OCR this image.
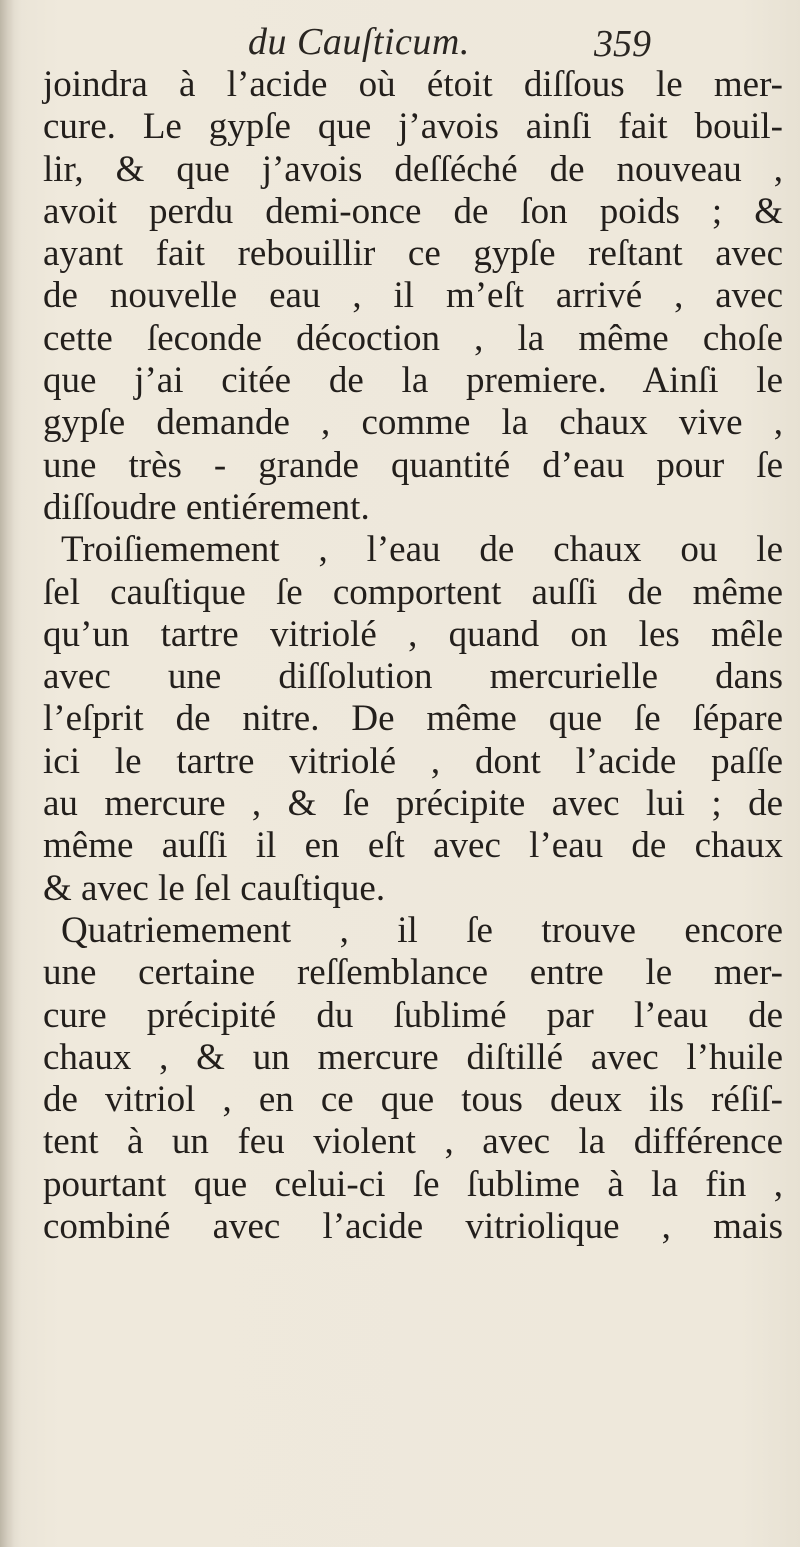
du Cauſticum.	359
joindra à l’acide où étoit diſſous le mer-
cure. Le gypſe que j’avois ainſi fait bouil-
lir, & que j’avois deſſéché de nouveau ,
avoit perdu demi-once de ſon poids ; &
ayant fait rebouillir ce gypſe reſtant avec
de nouvelle eau , il m’eſt arrivé , avec
cette ſeconde décoction , la même choſe
que j’ai citée de la premiere. Ainſi le
gypſe demande , comme la chaux vive ,
une très - grande quantité d’eau pour ſe
diſſoudre entiérement.
Troiſiemement , l’eau de chaux ou le
ſel cauſtique ſe comportent auſſi de même
qu’un tartre vitriolé , quand on les mêle
avec une diſſolution mercurielle dans
l’eſprit de nitre. De même que ſe ſépare
ici le tartre vitriolé , dont l’acide paſſe
au mercure , & ſe précipite avec lui ; de
même auſſi il en eſt avec l’eau de chaux
& avec le ſel cauſtique.
Quatriemement , il ſe trouve encore
une certaine reſſemblance entre le mer-
cure précipité du ſublimé par l’eau de
chaux , & un mercure diſtillé avec l’huile
de vitriol , en ce que tous deux ils réſiſ-
tent à un feu violent , avec la différence
pourtant que celui-ci ſe ſublime à la fin ,
combiné avec l’acide vitriolique , mais
